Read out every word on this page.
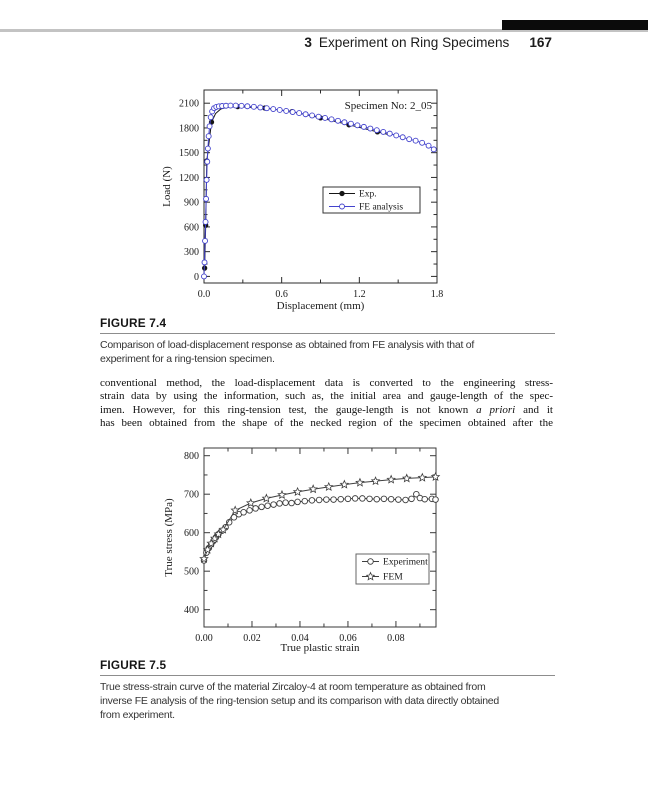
3 Experiment on Ring Specimens 167
0.0	0.6	1.2	1.8
0
300
600
900
1200
1500
1800
2100
Displacement (mm)
Load (N)
Specimen No: 2_05
Exp.
FE analysis
FIGURE 7.4
Comparison of load-displacement response as obtained from FE analysis with that of
experiment for a ring-tension specimen.
conventional method, the load-displacement data is converted to the engineering stress-
strain data by using the information, such as, the initial area and gauge-length of the spec-
imen. However, for this ring-tension test, the gauge-length is not known a priori and it
has been obtained from the shape of the necked region of the specimen obtained after the
0.00	0.02	0.04	0.06	0.08
400
500
600
700
800
True plastic strain
True stress (MPa)	Experiment
FEM
FIGURE 7.5
True stress-strain curve of the material Zircaloy-4 at room temperature as obtained from
inverse FE analysis of the ring-tension setup and its comparison with data directly obtained
from experiment.
